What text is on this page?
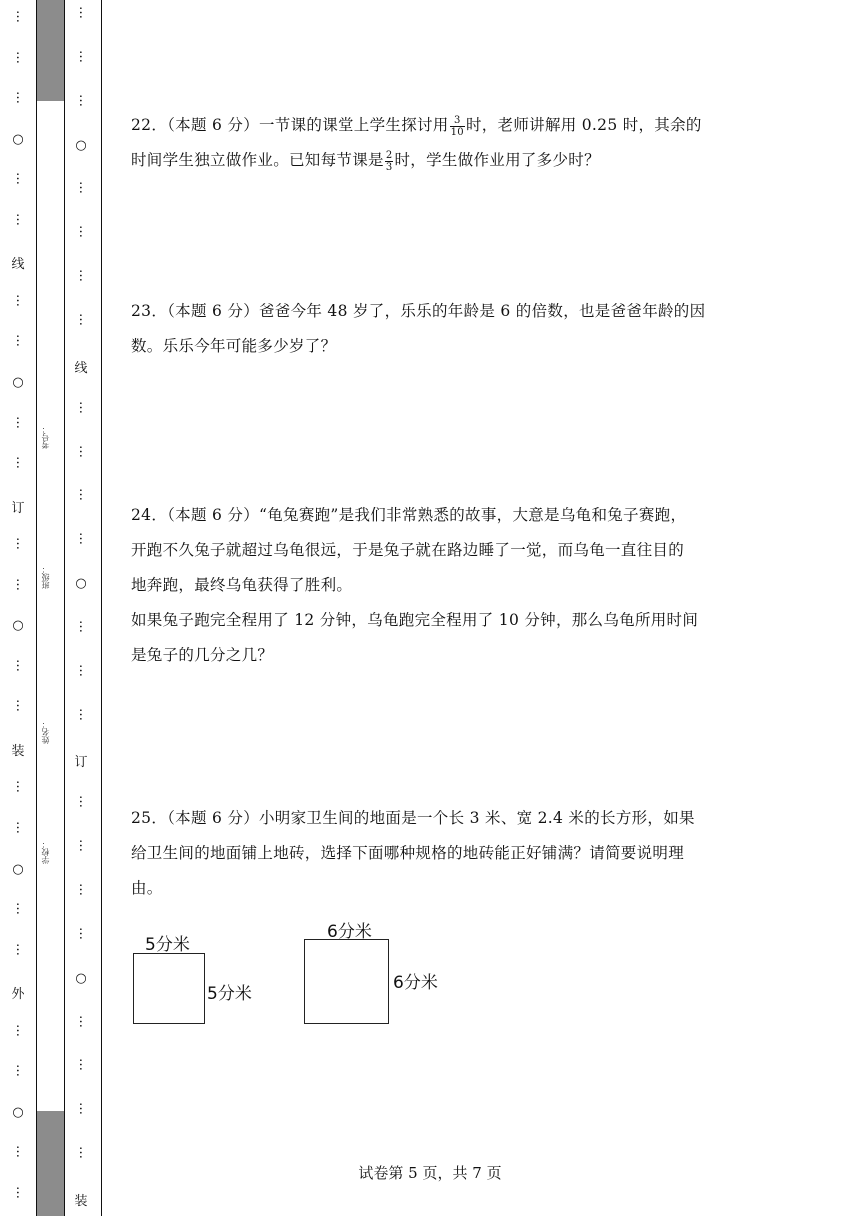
…
…
…
○
…
…
线
…
…
○
…
…
订
…
…
○
…
…
装
…
…
○
…
…
外
…
…
○
…
…
学校：
姓名：
班级：
考号：
…
…
…
○
…
…
…
…
线
…
…
…
…
○
…
…
…
订
…
…
…
…
○
…
…
…
…
装
22．（本题 6 分）一节课的课堂上学生探讨用 $\frac{3}{10}$ 时，老师讲解用 0.25 时，其余的
时间学生独立做作业。已知每节课是 $\frac{2}{3}$ 时，学生做作业用了多少时？
23．（本题 6 分）爸爸今年 48 岁了，乐乐的年龄是 6 的倍数，也是爸爸年龄的因
数。乐乐今年可能多少岁了？
24．（本题 6 分）“龟兔赛跑”是我们非常熟悉的故事，大意是乌龟和兔子赛跑，
开跑不久兔子就超过乌龟很远，于是兔子就在路边睡了一觉，而乌龟一直往目的
地奔跑，最终乌龟获得了胜利。
如果兔子跑完全程用了 12 分钟，乌龟跑完全程用了 10 分钟，那么乌龟所用时间
是兔子的几分之几？
25．（本题 6 分）小明家卫生间的地面是一个长 3 米、宽 2.4 米的长方形，如果
给卫生间的地面铺上地砖，选择下面哪种规格的地砖能正好铺满？请简要说明理
由。
5分米
5分米
6分米
6分米
试卷第 5 页，共 7 页
